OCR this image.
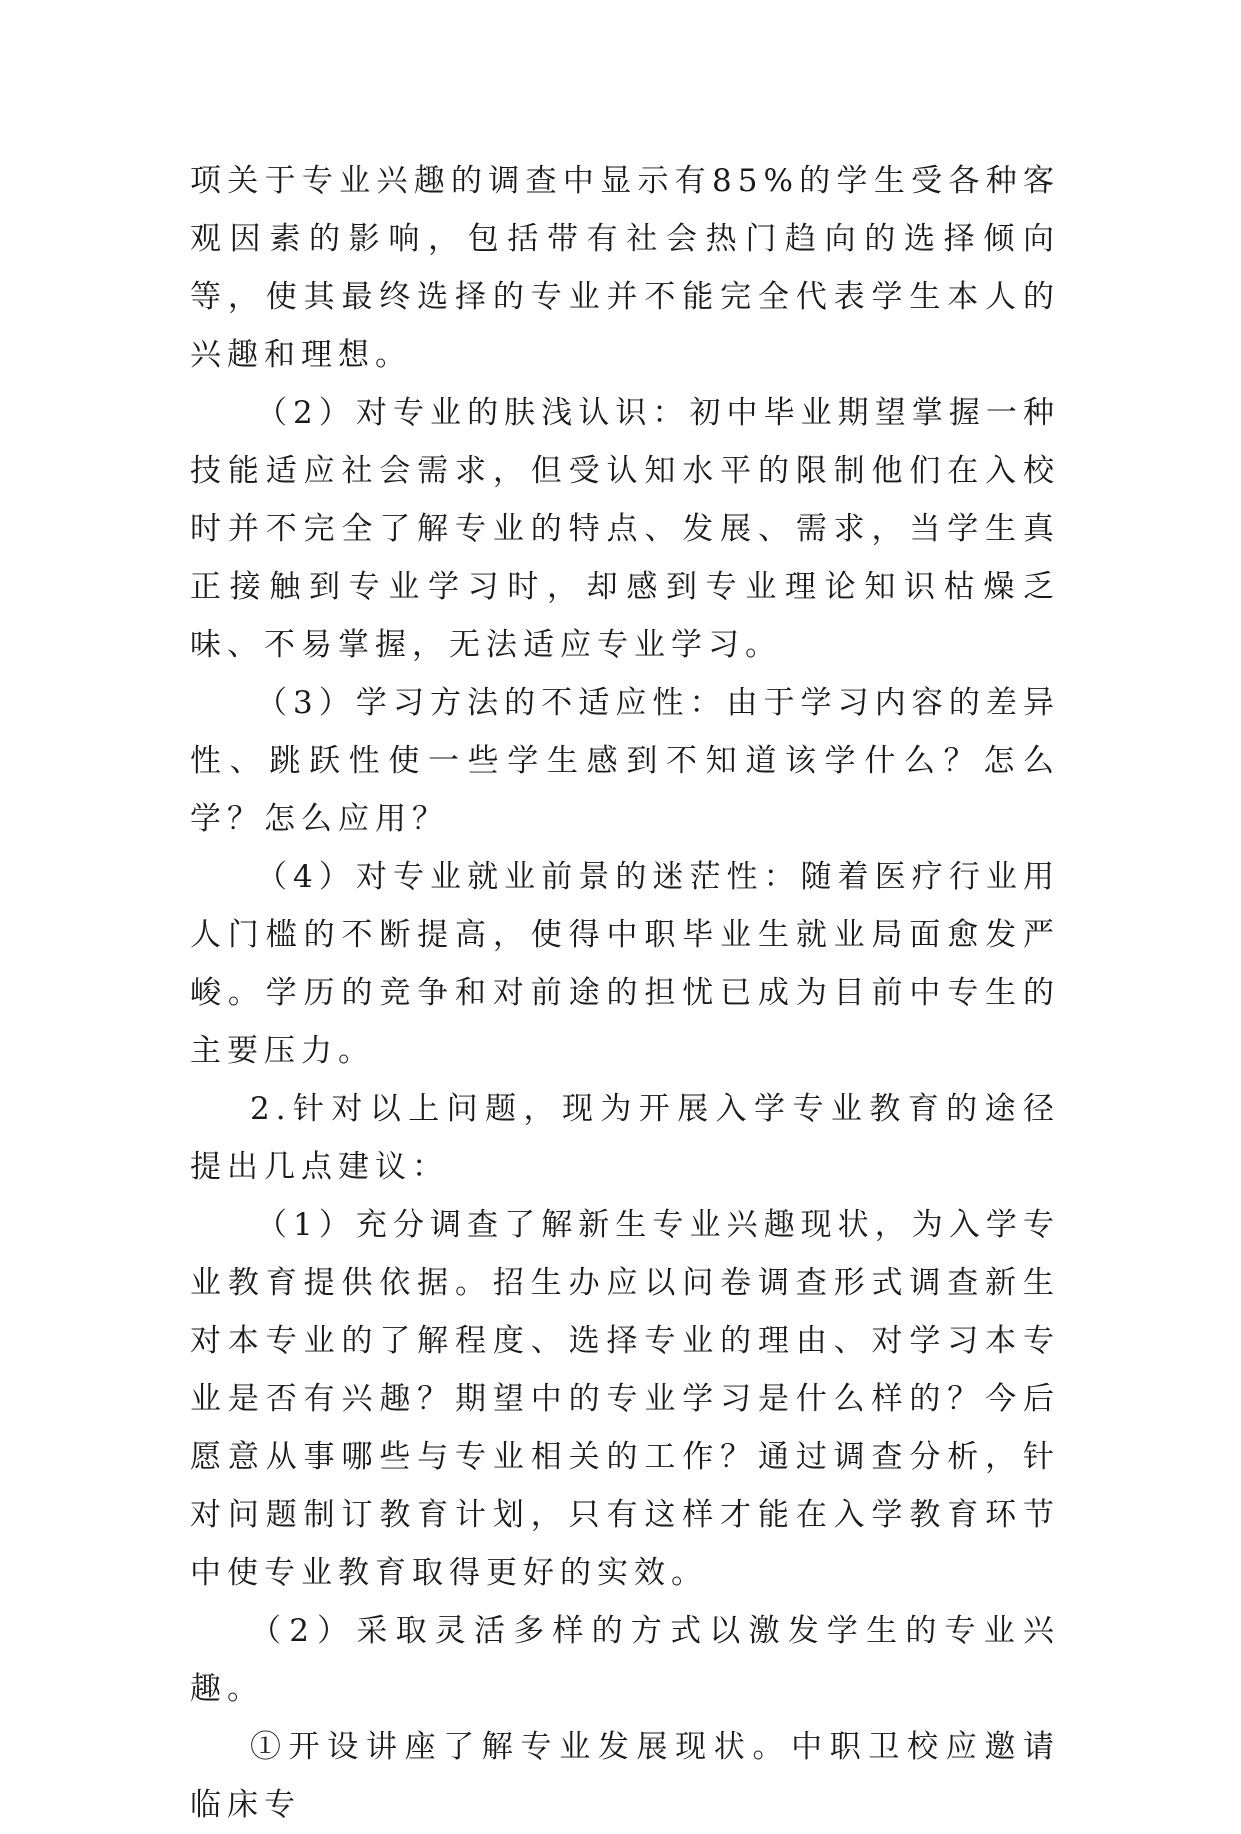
项关于专业兴趣的调查中显示有85%的学生受各种客观因素的影响，包括带有社会热门趋向的选择倾向等，使其最终选择的专业并不能完全代表学生本人的兴趣和理想。

（2）对专业的肤浅认识：初中毕业期望掌握一种技能适应社会需求，但受认知水平的限制他们在入校时并不完全了解专业的特点、发展、需求，当学生真正接触到专业学习时，却感到专业理论知识枯燥乏味、不易掌握，无法适应专业学习。

（3）学习方法的不适应性：由于学习内容的差异性、跳跃性使一些学生感到不知道该学什么？怎么学？怎么应用？

（4）对专业就业前景的迷茫性：随着医疗行业用人门槛的不断提高，使得中职毕业生就业局面愈发严峻。学历的竞争和对前途的担忧已成为目前中专生的主要压力。

2.针对以上问题，现为开展入学专业教育的途径提出几点建议：

（1）充分调查了解新生专业兴趣现状，为入学专业教育提供依据。招生办应以问卷调查形式调查新生对本专业的了解程度、选择专业的理由、对学习本专业是否有兴趣？期望中的专业学习是什么样的？今后愿意从事哪些与专业相关的工作？通过调查分析，针对问题制订教育计划，只有这样才能在入学教育环节中使专业教育取得更好的实效。

（2）采取灵活多样的方式以激发学生的专业兴趣。

①开设讲座了解专业发展现状。中职卫校应邀请临床专
